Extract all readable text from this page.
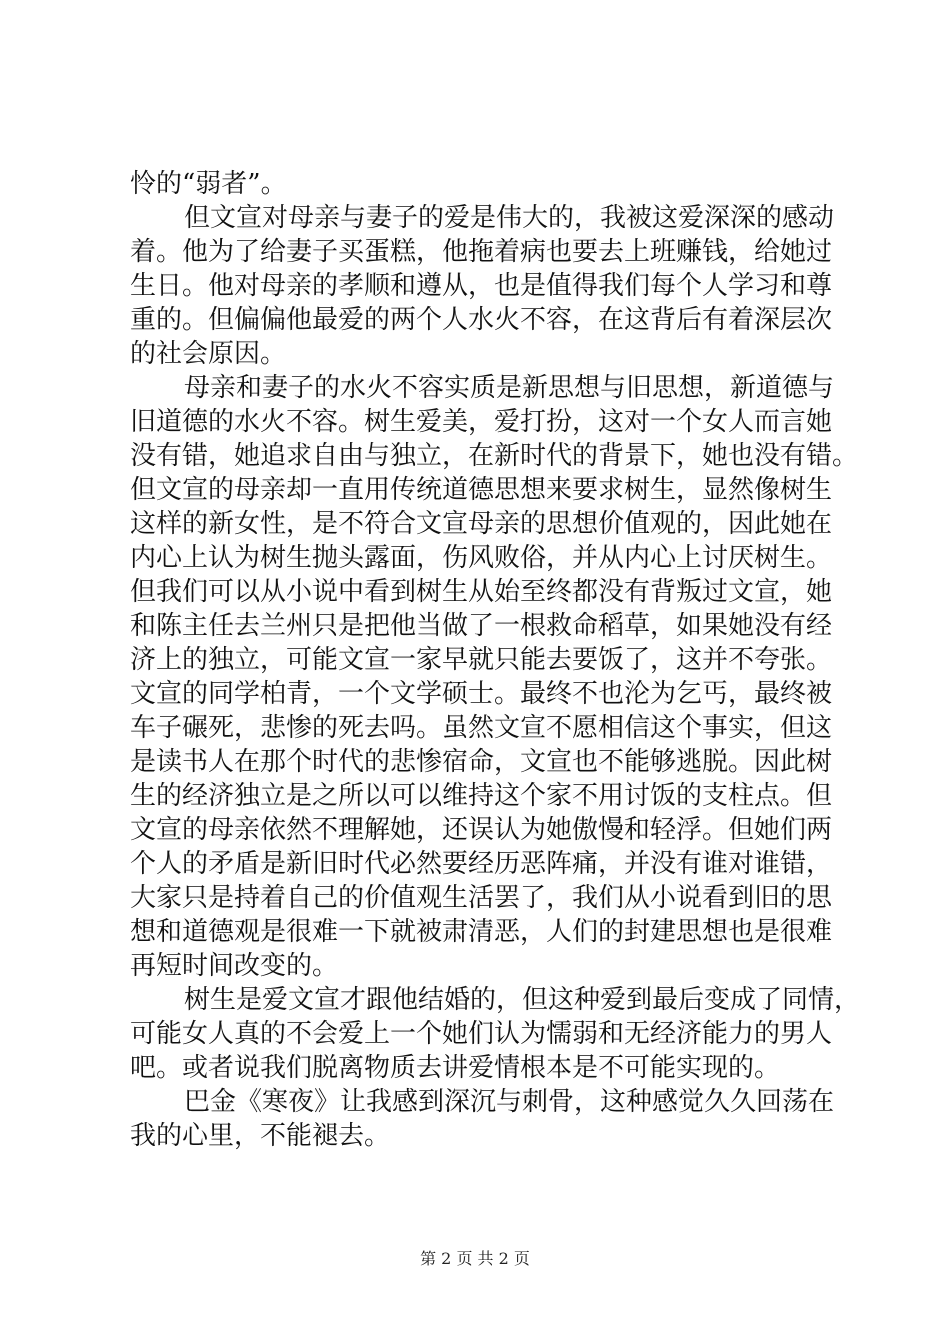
怜的“弱者”。
但文宣对母亲与妻子的爱是伟大的，我被这爱深深的感动
着。他为了给妻子买蛋糕，他拖着病也要去上班赚钱，给她过
生日。他对母亲的孝顺和遵从，也是值得我们每个人学习和尊
重的。但偏偏他最爱的两个人水火不容，在这背后有着深层次
的社会原因。
母亲和妻子的水火不容实质是新思想与旧思想，新道德与
旧道德的水火不容。树生爱美，爱打扮，这对一个女人而言她
没有错，她追求自由与独立，在新时代的背景下，她也没有错。
但文宣的母亲却一直用传统道德思想来要求树生，显然像树生
这样的新女性，是不符合文宣母亲的思想价值观的，因此她在
内心上认为树生抛头露面，伤风败俗，并从内心上讨厌树生。
但我们可以从小说中看到树生从始至终都没有背叛过文宣，她
和陈主任去兰州只是把他当做了一根救命稻草，如果她没有经
济上的独立，可能文宣一家早就只能去要饭了，这并不夸张。
文宣的同学柏青，一个文学硕士。最终不也沦为乞丐，最终被
车子碾死，悲惨的死去吗。虽然文宣不愿相信这个事实，但这
是读书人在那个时代的悲惨宿命，文宣也不能够逃脱。因此树
生的经济独立是之所以可以维持这个家不用讨饭的支柱点。但
文宣的母亲依然不理解她，还误认为她傲慢和轻浮。但她们两
个人的矛盾是新旧时代必然要经历恶阵痛，并没有谁对谁错，
大家只是持着自己的价值观生活罢了，我们从小说看到旧的思
想和道德观是很难一下就被肃清恶，人们的封建思想也是很难
再短时间改变的。
树生是爱文宣才跟他结婚的，但这种爱到最后变成了同情，
可能女人真的不会爱上一个她们认为懦弱和无经济能力的男人
吧。或者说我们脱离物质去讲爱情根本是不可能实现的。
巴金《寒夜》让我感到深沉与刺骨，这种感觉久久回荡在
我的心里，不能褪去。
第 2 页 共 2 页
